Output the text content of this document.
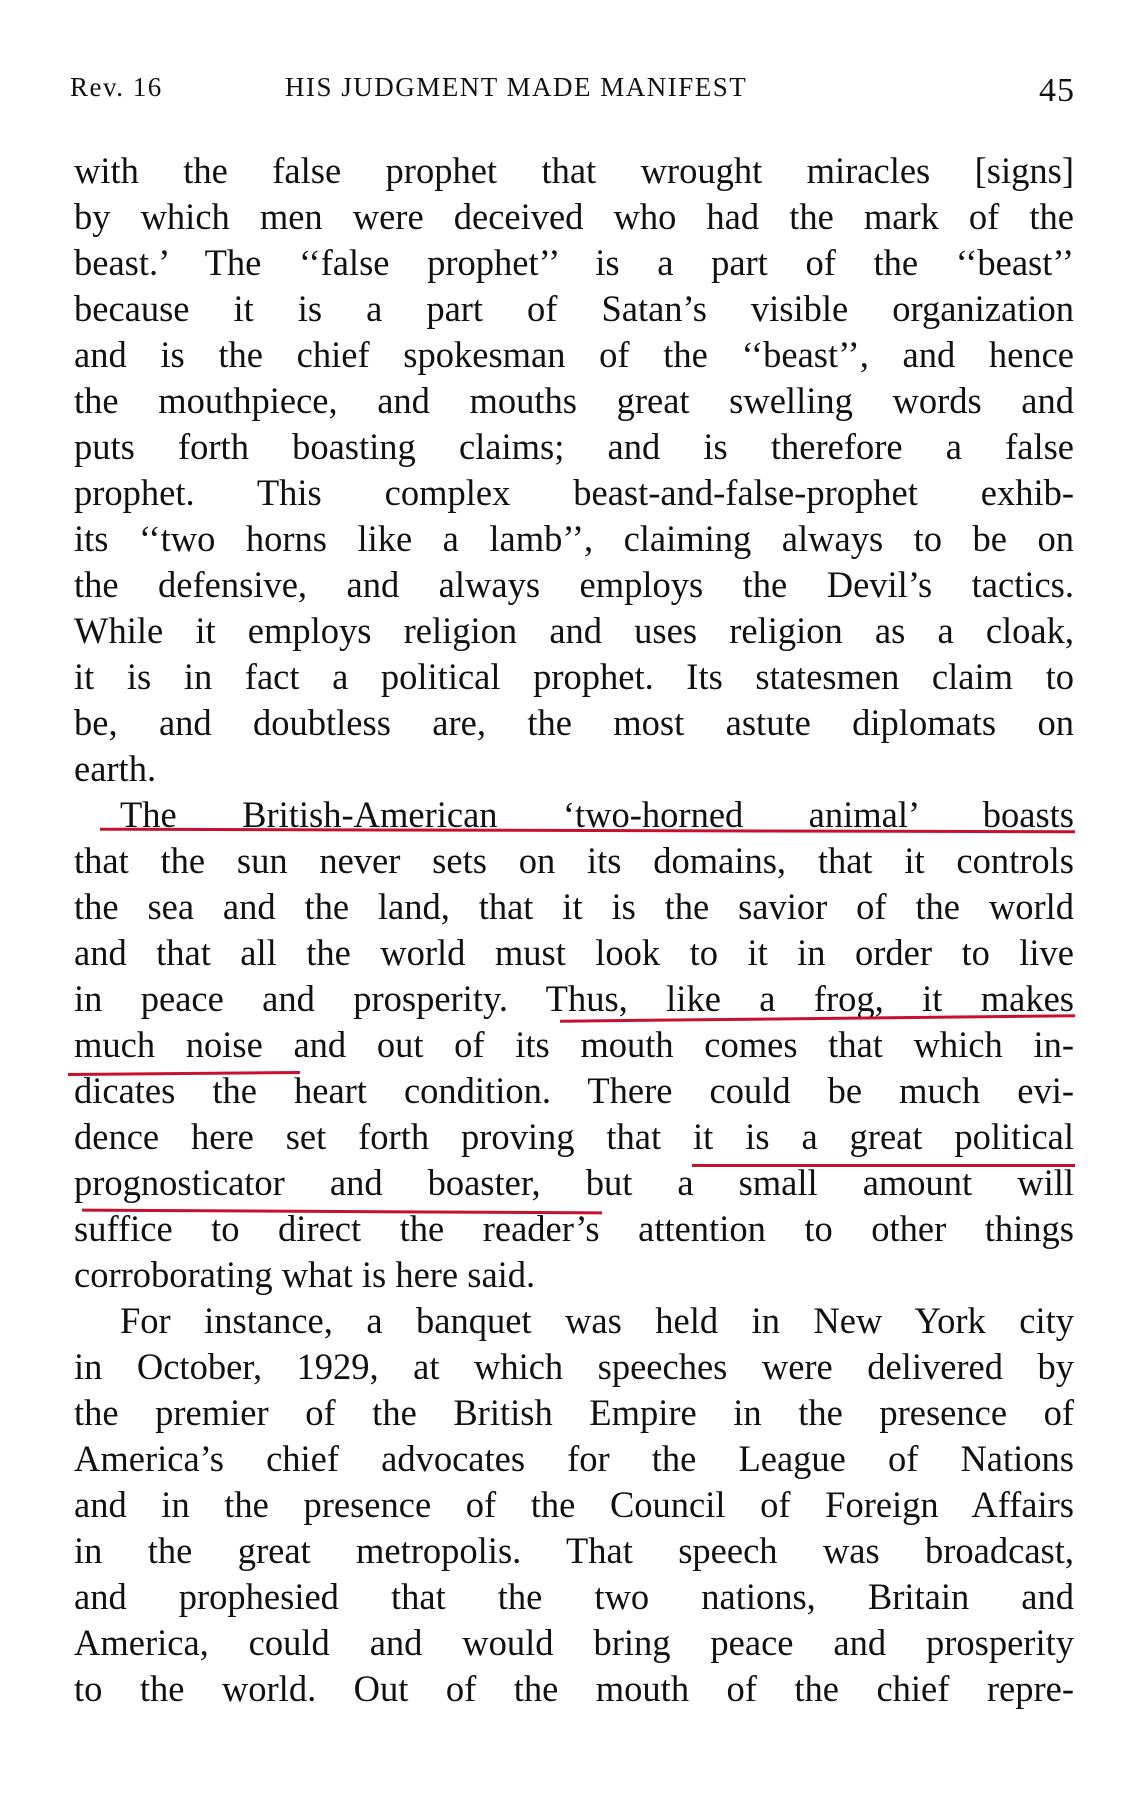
Rev. 16	HIS JUDGMENT MADE MANIFEST	45
with the false prophet that wrought miracles [signs]
by which men were deceived who had the mark of the
beast.’ The ‘‘false prophet’’ is a part of the ‘‘beast’’
because it is a part of Satan’s visible organization
and is the chief spokesman of the ‘‘beast’’, and hence
the mouthpiece, and mouths great swelling words and
puts forth boasting claims; and is therefore a false
prophet. This complex beast-and-false-prophet exhib-
its ‘‘two horns like a lamb’’, claiming always to be on
the defensive, and always employs the Devil’s tactics.
While it employs religion and uses religion as a cloak,
it is in fact a political prophet. Its statesmen claim to
be, and doubtless are, the most astute diplomats on
earth.
The British-American ‘two-horned animal’ boasts
that the sun never sets on its domains, that it controls
the sea and the land, that it is the savior of the world
and that all the world must look to it in order to live
in peace and prosperity. Thus, like a frog, it makes
much noise and out of its mouth comes that which in-
dicates the heart condition. There could be much evi-
dence here set forth proving that it is a great political
prognosticator and boaster, but a small amount will
suffice to direct the reader’s attention to other things
corroborating what is here said.
For instance, a banquet was held in New York city
in October, 1929, at which speeches were delivered by
the premier of the British Empire in the presence of
America’s chief advocates for the League of Nations
and in the presence of the Council of Foreign Affairs
in the great metropolis. That speech was broadcast,
and prophesied that the two nations, Britain and
America, could and would bring peace and prosperity
to the world. Out of the mouth of the chief repre-
